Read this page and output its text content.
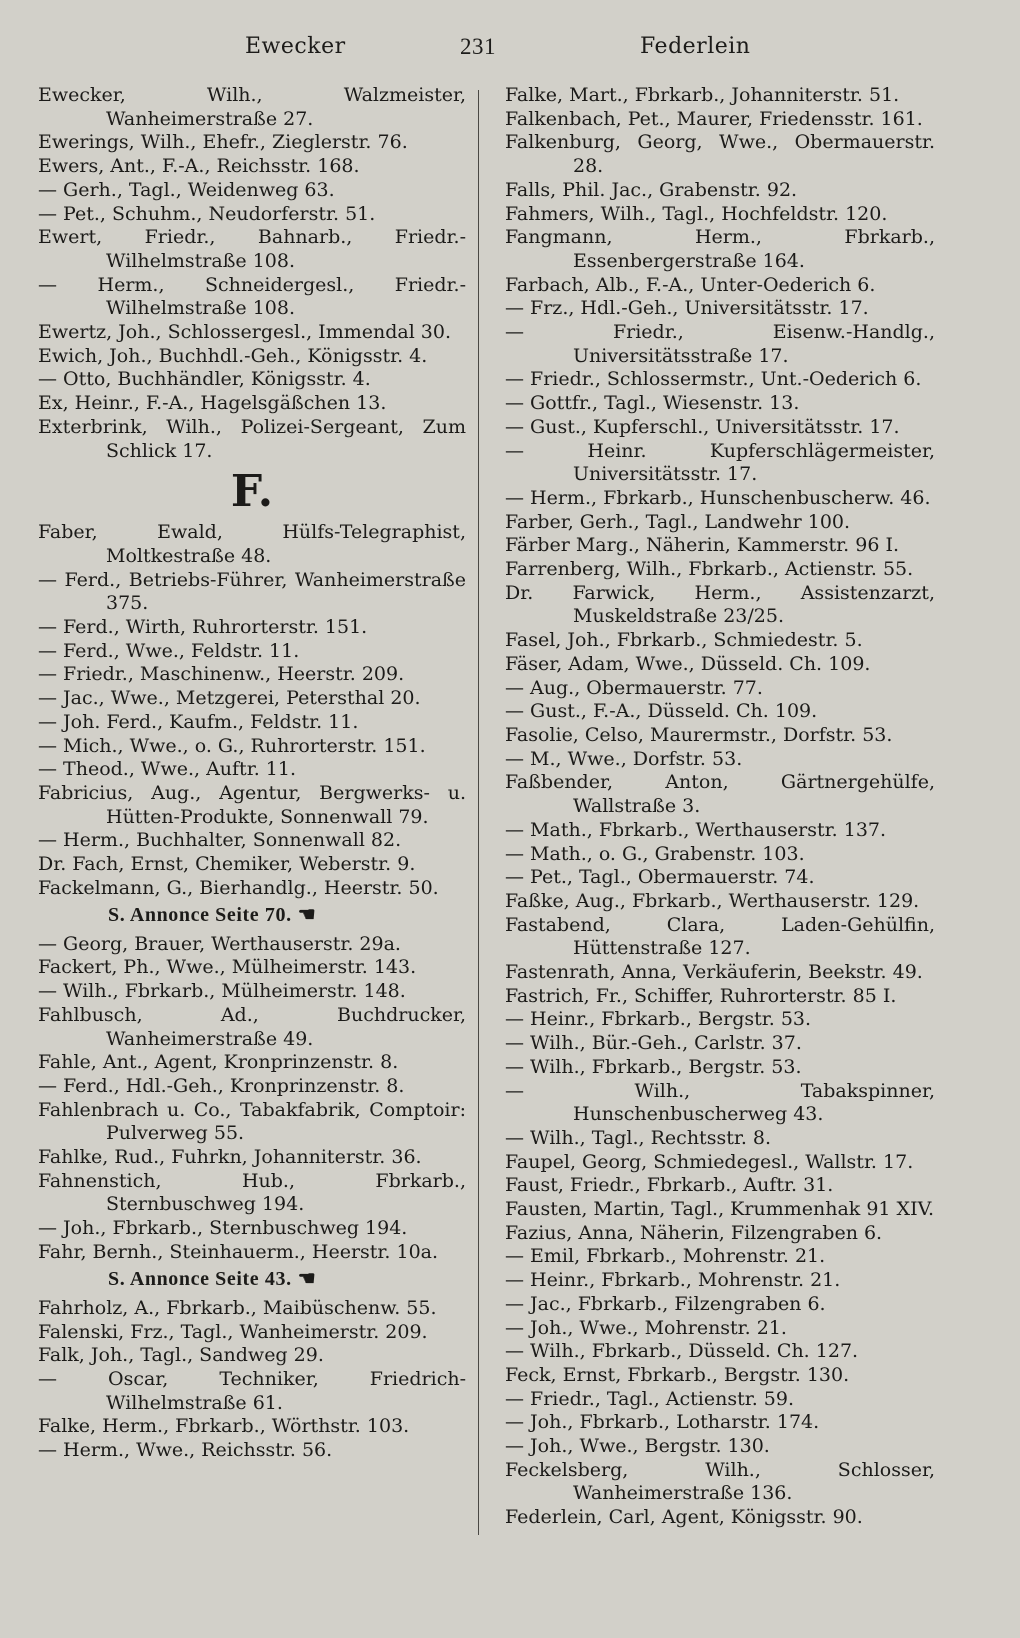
Ewecker	231	Federlein
Ewecker, Wilh., Walzmeister, Wanheimerstraße 27.
Ewerings, Wilh., Ehefr., Zieglerstr. 76.
Ewers, Ant., F.-A., Reichsstr. 168.
— Gerh., Tagl., Weidenweg 63.
— Pet., Schuhm., Neudorferstr. 51.
Ewert, Friedr., Bahnarb., Friedr.-Wilhelmstraße 108.
— Herm., Schneidergesl., Friedr.-Wilhelmstraße 108.
Ewertz, Joh., Schlossergesl., Immendal 30.
Ewich, Joh., Buchhdl.-Geh., Königsstr. 4.
— Otto, Buchhändler, Königsstr. 4.
Ex, Heinr., F.-A., Hagelsgäßchen 13.
Exterbrink, Wilh., Polizei-Sergeant, Zum Schlick 17.
F.
Faber, Ewald, Hülfs-Telegraphist, Moltkestraße 48.
— Ferd., Betriebs-Führer, Wanheimerstraße 375.
— Ferd., Wirth, Ruhrorterstr. 151.
— Ferd., Wwe., Feldstr. 11.
— Friedr., Maschinenw., Heerstr. 209.
— Jac., Wwe., Metzgerei, Petersthal 20.
— Joh. Ferd., Kaufm., Feldstr. 11.
— Mich., Wwe., o. G., Ruhrorterstr. 151.
— Theod., Wwe., Auftr. 11.
Fabricius, Aug., Agentur, Bergwerks- u. Hütten-Produkte, Sonnenwall 79.
— Herm., Buchhalter, Sonnenwall 82.
Dr. Fach, Ernst, Chemiker, Weberstr. 9.
Fackelmann, G., Bierhandlg., Heerstr. 50.
S. Annonce Seite 70. ☚
— Georg, Brauer, Werthauserstr. 29a.
Fackert, Ph., Wwe., Mülheimerstr. 143.
— Wilh., Fbrkarb., Mülheimerstr. 148.
Fahlbusch, Ad., Buchdrucker, Wanheimerstraße 49.
Fahle, Ant., Agent, Kronprinzenstr. 8.
— Ferd., Hdl.-Geh., Kronprinzenstr. 8.
Fahlenbrach u. Co., Tabakfabrik, Comptoir: Pulverweg 55.
Fahlke, Rud., Fuhrkn, Johanniterstr. 36.
Fahnenstich, Hub., Fbrkarb., Sternbuschweg 194.
— Joh., Fbrkarb., Sternbuschweg 194.
Fahr, Bernh., Steinhauerm., Heerstr. 10a.
S. Annonce Seite 43. ☚
Fahrholz, A., Fbrkarb., Maibüschenw. 55.
Falenski, Frz., Tagl., Wanheimerstr. 209.
Falk, Joh., Tagl., Sandweg 29.
— Oscar, Techniker, Friedrich-Wilhelmstraße 61.
Falke, Herm., Fbrkarb., Wörthstr. 103.
— Herm., Wwe., Reichsstr. 56.
Falke, Mart., Fbrkarb., Johanniterstr. 51.
Falkenbach, Pet., Maurer, Friedensstr. 161.
Falkenburg, Georg, Wwe., Obermauerstr. 28.
Falls, Phil. Jac., Grabenstr. 92.
Fahmers, Wilh., Tagl., Hochfeldstr. 120.
Fangmann, Herm., Fbrkarb., Essenbergerstraße 164.
Farbach, Alb., F.-A., Unter-Oederich 6.
— Frz., Hdl.-Geh., Universitätsstr. 17.
— Friedr., Eisenw.-Handlg., Universitätsstraße 17.
— Friedr., Schlossermstr., Unt.-Oederich 6.
— Gottfr., Tagl., Wiesenstr. 13.
— Gust., Kupferschl., Universitätsstr. 17.
— Heinr. Kupferschlägermeister, Universitätsstr. 17.
— Herm., Fbrkarb., Hunschenbuscherw. 46.
Farber, Gerh., Tagl., Landwehr 100.
Färber Marg., Näherin, Kammerstr. 96 I.
Farrenberg, Wilh., Fbrkarb., Actienstr. 55.
Dr. Farwick, Herm., Assistenzarzt, Muskeldstraße 23/25.
Fasel, Joh., Fbrkarb., Schmiedestr. 5.
Fäser, Adam, Wwe., Düsseld. Ch. 109.
— Aug., Obermauerstr. 77.
— Gust., F.-A., Düsseld. Ch. 109.
Fasolie, Celso, Maurermstr., Dorfstr. 53.
— M., Wwe., Dorfstr. 53.
Faßbender, Anton, Gärtnergehülfe, Wallstraße 3.
— Math., Fbrkarb., Werthauserstr. 137.
— Math., o. G., Grabenstr. 103.
— Pet., Tagl., Obermauerstr. 74.
Faßke, Aug., Fbrkarb., Werthauserstr. 129.
Fastabend, Clara, Laden-Gehülfin, Hüttenstraße 127.
Fastenrath, Anna, Verkäuferin, Beekstr. 49.
Fastrich, Fr., Schiffer, Ruhrorterstr. 85 I.
— Heinr., Fbrkarb., Bergstr. 53.
— Wilh., Bür.-Geh., Carlstr. 37.
— Wilh., Fbrkarb., Bergstr. 53.
— Wilh., Tabakspinner, Hunschenbuscherweg 43.
— Wilh., Tagl., Rechtsstr. 8.
Faupel, Georg, Schmiedegesl., Wallstr. 17.
Faust, Friedr., Fbrkarb., Auftr. 31.
Fausten, Martin, Tagl., Krummenhak 91 XIV.
Fazius, Anna, Näherin, Filzengraben 6.
— Emil, Fbrkarb., Mohrenstr. 21.
— Heinr., Fbrkarb., Mohrenstr. 21.
— Jac., Fbrkarb., Filzengraben 6.
— Joh., Wwe., Mohrenstr. 21.
— Wilh., Fbrkarb., Düsseld. Ch. 127.
Feck, Ernst, Fbrkarb., Bergstr. 130.
— Friedr., Tagl., Actienstr. 59.
— Joh., Fbrkarb., Lotharstr. 174.
— Joh., Wwe., Bergstr. 130.
Feckelsberg, Wilh., Schlosser, Wanheimerstraße 136.
Federlein, Carl, Agent, Königsstr. 90.
